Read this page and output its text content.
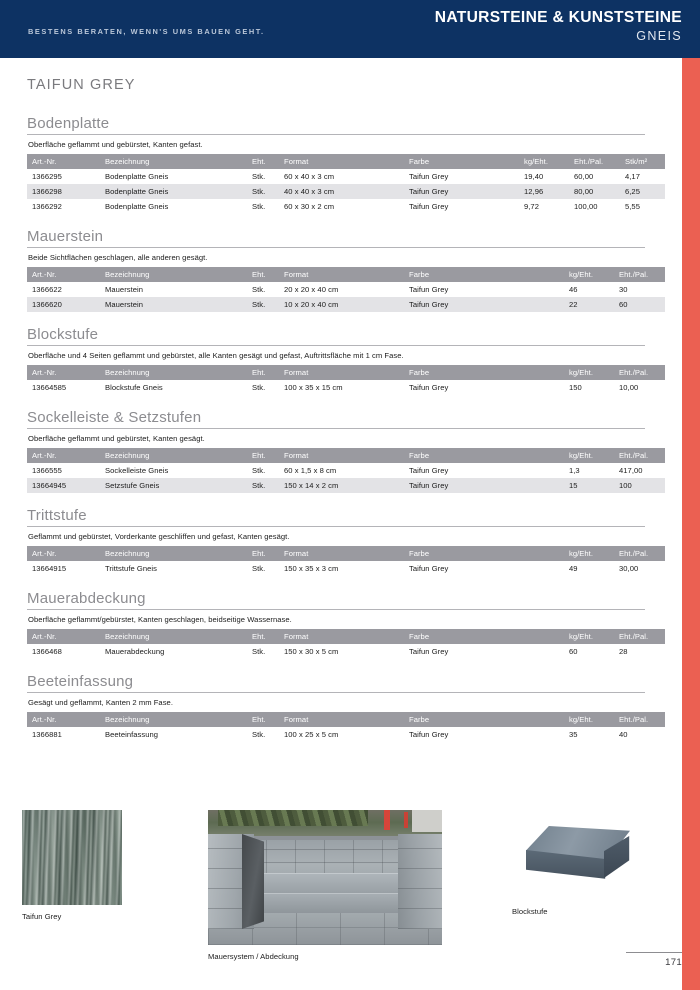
BESTENS BERATEN, WENN'S UMS BAUEN GEHT.
NATURSTEINE & KUNSTSTEINE
GNEIS
TAIFUN GREY
Bodenplatte
Oberfläche geflammt und gebürstet, Kanten gefast.
Art.-Nr.	Bezeichnung	Eht.	Format	Farbe	kg/Eht.	Eht./Pal.	Stk/m²
1366295	Bodenplatte Gneis	Stk.	60 x 40 x 3 cm	Taifun Grey	19,40	60,00	4,17
1366298	Bodenplatte Gneis	Stk.	40 x 40 x 3 cm	Taifun Grey	12,96	80,00	6,25
1366292	Bodenplatte Gneis	Stk.	60 x 30 x 2 cm	Taifun Grey	9,72	100,00	5,55
Mauerstein
Beide Sichtflächen geschlagen, alle anderen gesägt.
Art.-Nr.	Bezeichnung	Eht.	Format	Farbe	kg/Eht.	Eht./Pal.
1366622	Mauerstein	Stk.	20 x 20 x 40 cm	Taifun Grey	46	30
1366620	Mauerstein	Stk.	10 x 20 x 40 cm	Taifun Grey	22	60
Blockstufe
Oberfläche und 4 Seiten geflammt und gebürstet, alle Kanten gesägt und gefast, Auftrittsfläche mit 1 cm Fase.
Art.-Nr.	Bezeichnung	Eht.	Format	Farbe	kg/Eht.	Eht./Pal.
13664585	Blockstufe Gneis	Stk.	100 x 35 x 15 cm	Taifun Grey	150	10,00
Sockelleiste & Setzstufen
Oberfläche geflammt und gebürstet, Kanten gesägt.
Art.-Nr.	Bezeichnung	Eht.	Format	Farbe	kg/Eht.	Eht./Pal.
1366555	Sockelleiste Gneis	Stk.	60 x 1,5 x 8 cm	Taifun Grey	1,3	417,00
13664945	Setzstufe Gneis	Stk.	150 x 14 x 2 cm	Taifun Grey	15	100
Trittstufe
Geflammt und gebürstet, Vorderkante geschliffen und gefast, Kanten gesägt.
Art.-Nr.	Bezeichnung	Eht.	Format	Farbe	kg/Eht.	Eht./Pal.
13664915	Trittstufe Gneis	Stk.	150 x 35 x 3 cm	Taifun Grey	49	30,00
Mauerabdeckung
Oberfläche geflammt/gebürstet, Kanten geschlagen, beidseitige Wassernase.
Art.-Nr.	Bezeichnung	Eht.	Format	Farbe	kg/Eht.	Eht./Pal.
1366468	Mauerabdeckung	Stk.	150 x 30 x 5 cm	Taifun Grey	60	28
Beeteinfassung
Gesägt und geflammt, Kanten 2 mm Fase.
Art.-Nr.	Bezeichnung	Eht.	Format	Farbe	kg/Eht.	Eht./Pal.
1366881	Beeteinfassung	Stk.	100 x 25 x 5 cm	Taifun Grey	35	40
Taifun Grey
Mauersystem / Abdeckung
Blockstufe
171
